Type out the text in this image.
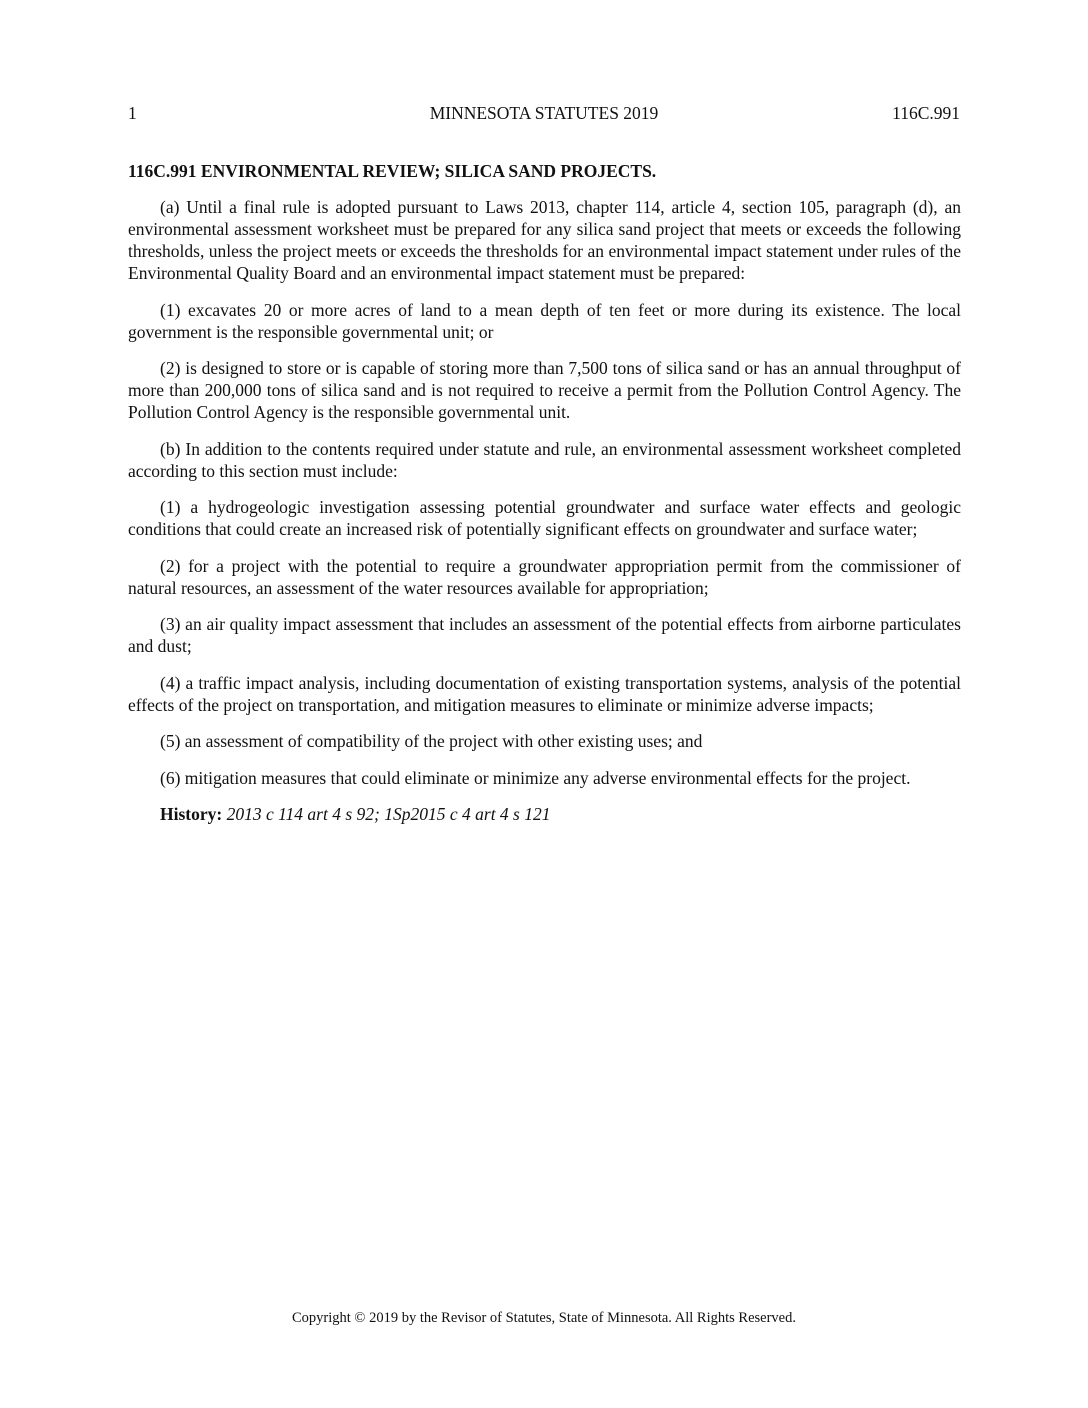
1	MINNESOTA STATUTES 2019	116C.991

116C.991 ENVIRONMENTAL REVIEW; SILICA SAND PROJECTS.

(a) Until a final rule is adopted pursuant to Laws 2013, chapter 114, article 4, section 105, paragraph (d), an environmental assessment worksheet must be prepared for any silica sand project that meets or exceeds the following thresholds, unless the project meets or exceeds the thresholds for an environmental impact statement under rules of the Environmental Quality Board and an environmental impact statement must be prepared:

(1) excavates 20 or more acres of land to a mean depth of ten feet or more during its existence. The local government is the responsible governmental unit; or

(2) is designed to store or is capable of storing more than 7,500 tons of silica sand or has an annual throughput of more than 200,000 tons of silica sand and is not required to receive a permit from the Pollution Control Agency. The Pollution Control Agency is the responsible governmental unit.

(b) In addition to the contents required under statute and rule, an environmental assessment worksheet completed according to this section must include:

(1) a hydrogeologic investigation assessing potential groundwater and surface water effects and geologic conditions that could create an increased risk of potentially significant effects on groundwater and surface water;

(2) for a project with the potential to require a groundwater appropriation permit from the commissioner of natural resources, an assessment of the water resources available for appropriation;

(3) an air quality impact assessment that includes an assessment of the potential effects from airborne particulates and dust;

(4) a traffic impact analysis, including documentation of existing transportation systems, analysis of the potential effects of the project on transportation, and mitigation measures to eliminate or minimize adverse impacts;

(5) an assessment of compatibility of the project with other existing uses; and

(6) mitigation measures that could eliminate or minimize any adverse environmental effects for the project.

History: 2013 c 114 art 4 s 92; 1Sp2015 c 4 art 4 s 121

Copyright © 2019 by the Revisor of Statutes, State of Minnesota. All Rights Reserved.
